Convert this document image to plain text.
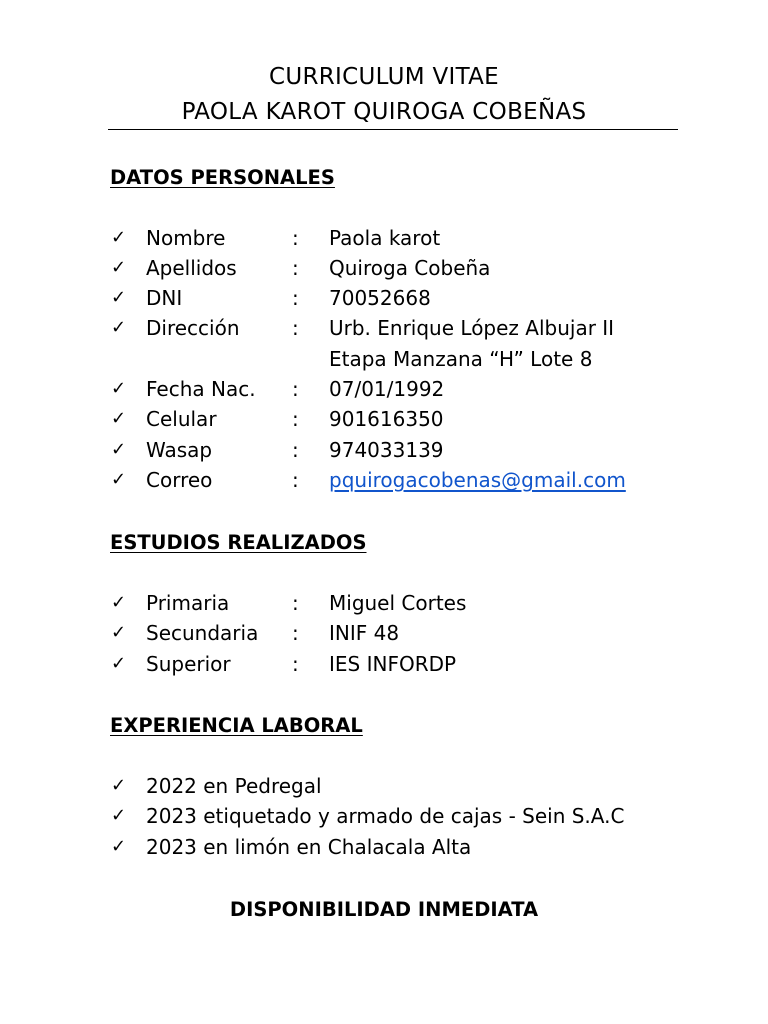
CURRICULUM VITAE
PAOLA KAROT QUIROGA COBEÑAS
DATOS PERSONALES
✓ Nombre	: Paola karot
✓ Apellidos	: Quiroga Cobeña
✓ DNI	: 70052668
✓ Dirección	: Urb. Enrique López Albujar II
Etapa Manzana “H” Lote 8
✓ Fecha Nac. : 07/01/1992
✓ Celular	: 901616350
✓ Wasap	: 974033139
✓ Correo	: pquirogacobenas@gmail.com
ESTUDIOS REALIZADOS
✓ Primaria	: Miguel Cortes
✓ Secundaria : INIF 48
✓ Superior	: IES INFORDP
EXPERIENCIA LABORAL
✓ 2022 en Pedregal
✓ 2023 etiquetado y armado de cajas - Sein S.A.C
✓ 2023 en limón en Chalacala Alta
DISPONIBILIDAD INMEDIATA
